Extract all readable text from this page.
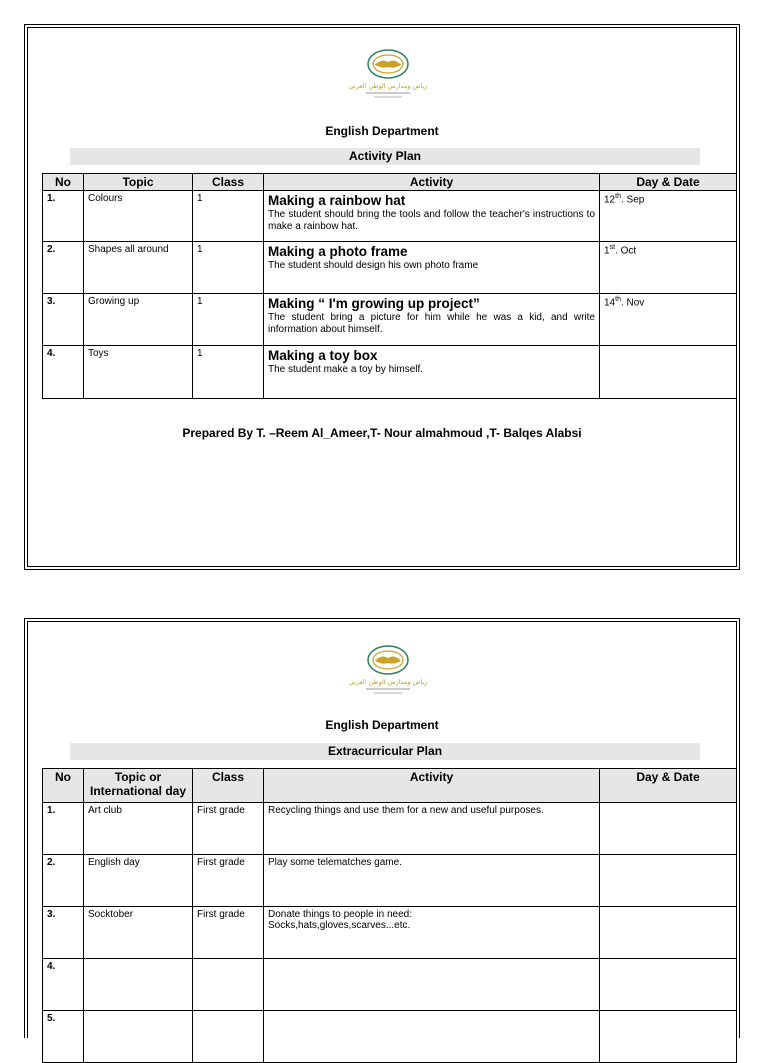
رياض ومدارس الوطن العربي
English Department
Activity Plan
No	Topic	Class	Activity	Day & Date
1.	Colours	1	Making a rainbow hat
The student should bring the tools and follow the teacher's instructions to make a rainbow hat.	12th. Sep
2.	Shapes all around	1	Making a photo frame
The student should design his own photo frame	1st. Oct
3.	Growing up	1	Making “ I'm growing up project”
The student bring a picture for him while he was a kid, and write information about himself.	14th. Nov
4.	Toys	1	Making a toy box
The student make a toy by himself.	

Prepared By T. –Reem Al_Ameer,T- Nour almahmoud ,T- Balqes Alabsi
رياض ومدارس الوطن العربي
English Department
Extracurricular Plan
No	Topic or International day	Class	Activity	Day & Date
1.	Art club	First grade	Recycling things and use them for a new and useful purposes.	

2.	English day	First grade	Play some telematches game.	

3.	Socktober	First grade	Donate things to people in need:
Socks,hats,gloves,scarves...etc.	

4.			

5.			
